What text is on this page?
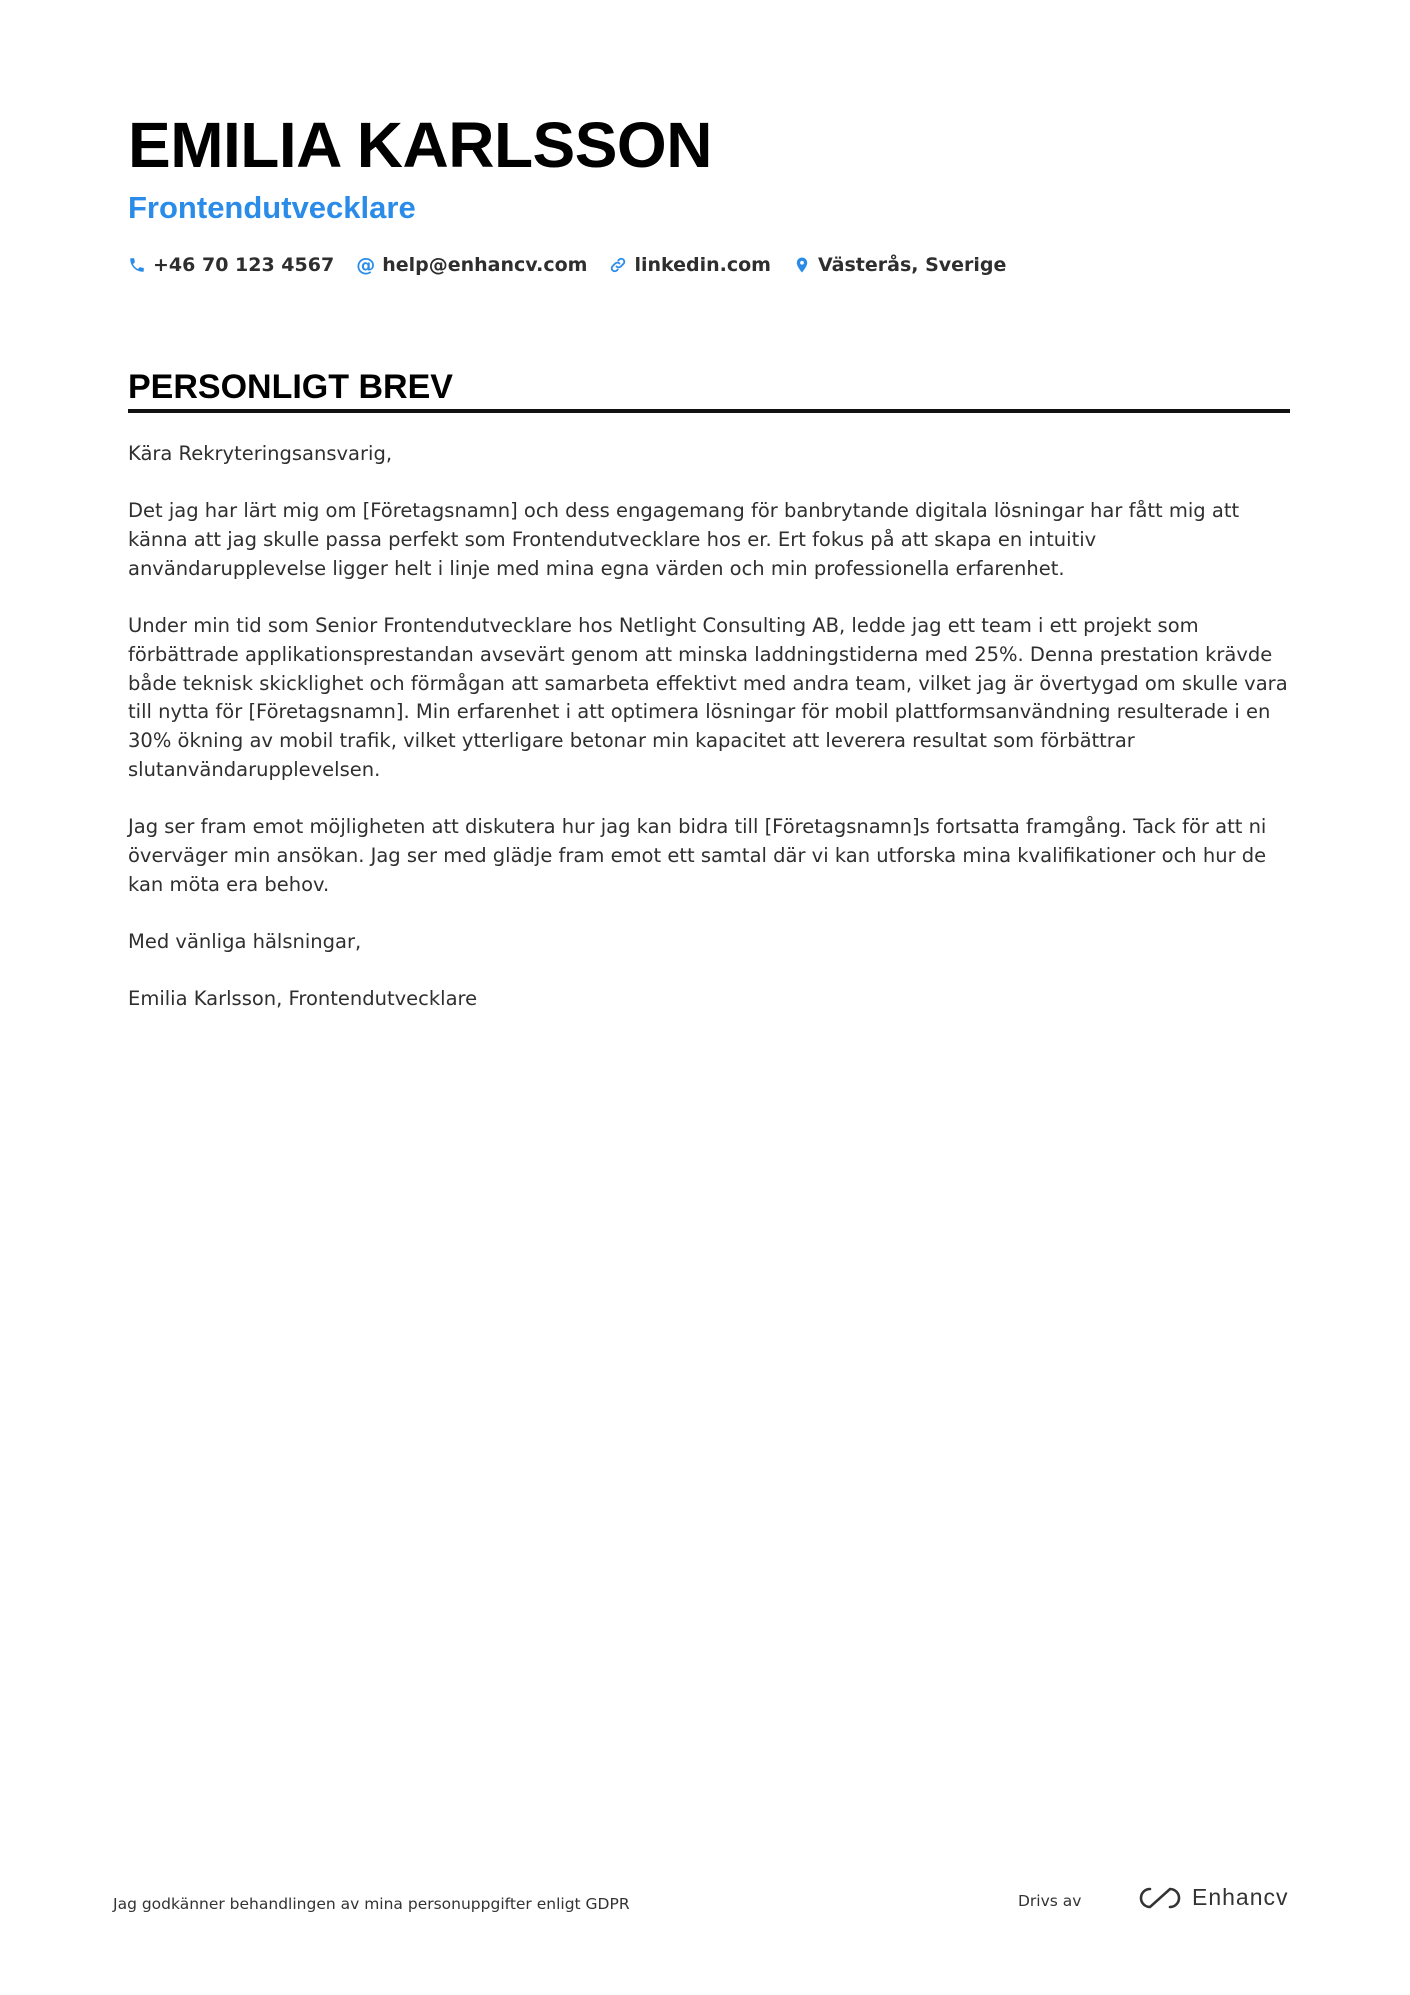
EMILIA KARLSSON
Frontendutvecklare
+46 70 123 4567 @ help@enhancv.com linkedin.com Västerås, Sverige
PERSONLIGT BREV

Kära Rekryteringsansvarig,

Det jag har lärt mig om [Företagsnamn] och dess engagemang för banbrytande digitala lösningar har fått mig att känna att jag skulle passa perfekt som Frontendutvecklare hos er. Ert fokus på att skapa en intuitiv användarupplevelse ligger helt i linje med mina egna värden och min professionella erfarenhet.

Under min tid som Senior Frontendutvecklare hos Netlight Consulting AB, ledde jag ett team i ett projekt som förbättrade applikationsprestandan avsevärt genom att minska laddningstiderna med 25%. Denna prestation krävde både teknisk skicklighet och förmågan att samarbeta effektivt med andra team, vilket jag är övertygad om skulle vara till nytta för [Företagsnamn]. Min erfarenhet i att optimera lösningar för mobil plattformsanvändning resulterade i en 30% ökning av mobil trafik, vilket ytterligare betonar min kapacitet att leverera resultat som förbättrar slutanvändarupplevelsen.

Jag ser fram emot möjligheten att diskutera hur jag kan bidra till [Företagsnamn]s fortsatta framgång. Tack för att ni överväger min ansökan. Jag ser med glädje fram emot ett samtal där vi kan utforska mina kvalifikationer och hur de kan möta era behov.

Med vänliga hälsningar,

Emilia Karlsson, Frontendutvecklare

Jag godkänner behandlingen av mina personuppgifter enligt GDPR	Drivs av	Enhancv
